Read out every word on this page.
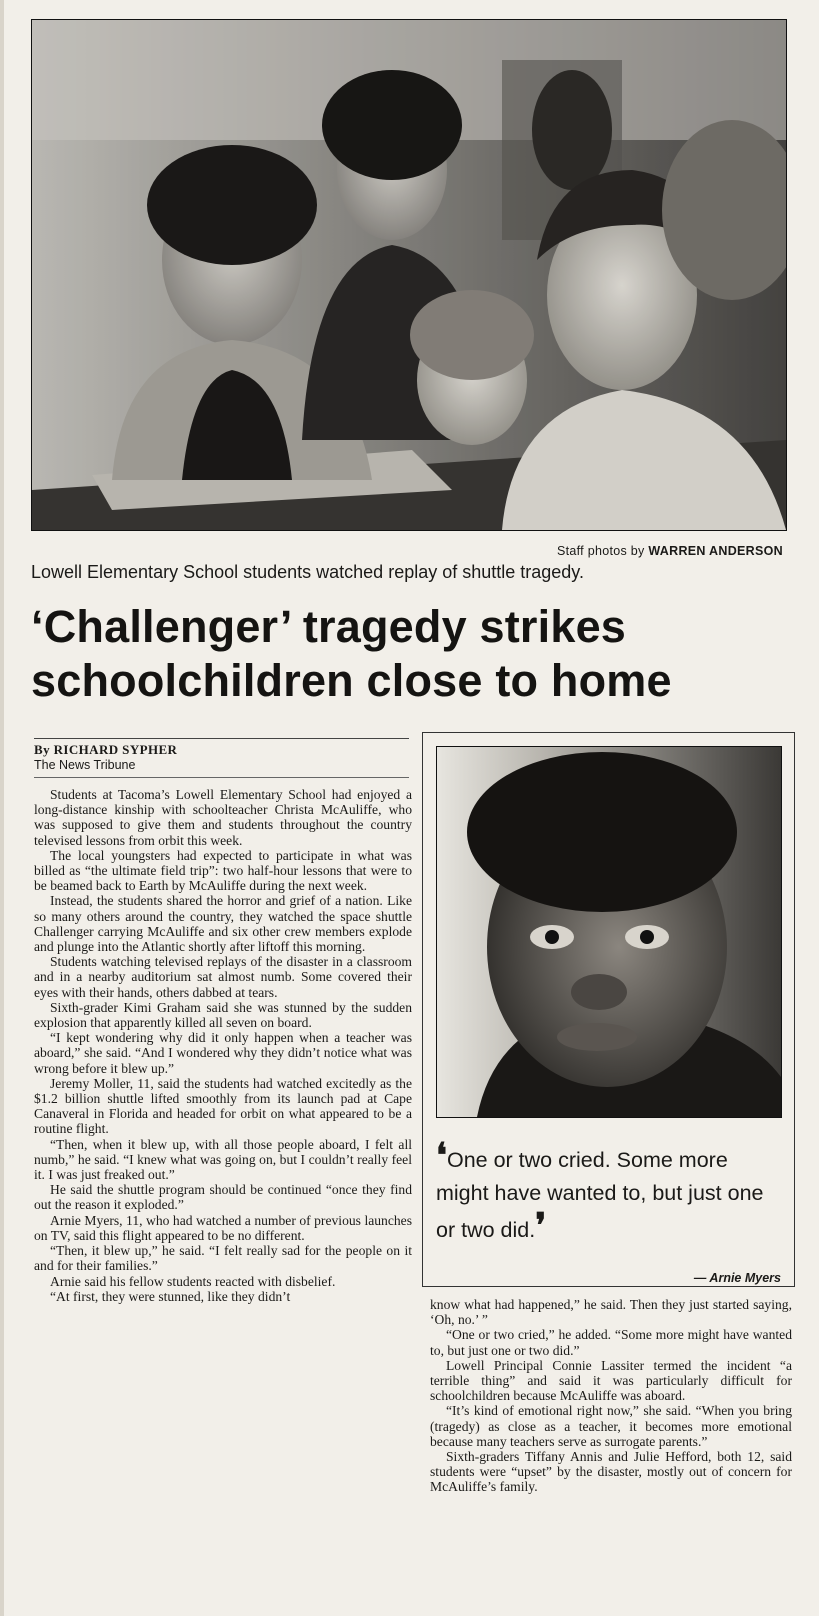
Staff photos by WARREN ANDERSON
Lowell Elementary School students watched replay of shuttle tragedy.
‘Challenger’ tragedy strikes
schoolchildren close to home
By RICHARD SYPHER
The News Tribune

Students at Tacoma’s Lowell Elementary School had enjoyed a long-distance kinship with schoolteacher Christa McAuliffe, who was supposed to give them and students throughout the country televised lessons from orbit this week.

The local youngsters had expected to participate in what was billed as “the ultimate field trip”: two half-hour lessons that were to be beamed back to Earth by McAuliffe during the next week.

Instead, the students shared the horror and grief of a nation. Like so many others around the country, they watched the space shuttle Challenger carrying McAuliffe and six other crew members explode and plunge into the Atlantic shortly after liftoff this morning.

Students watching televised replays of the disaster in a classroom and in a nearby auditorium sat almost numb. Some covered their eyes with their hands, others dabbed at tears.

Sixth-grader Kimi Graham said she was stunned by the sudden explosion that apparently killed all seven on board.

“I kept wondering why did it only happen when a teacher was aboard,” she said. “And I wondered why they didn’t notice what was wrong before it blew up.”

Jeremy Moller, 11, said the students had watched excitedly as the $1.2 billion shuttle lifted smoothly from its launch pad at Cape Canaveral in Florida and headed for orbit on what appeared to be a routine flight.

“Then, when it blew up, with all those people aboard, I felt all numb,” he said. “I knew what was going on, but I couldn’t really feel it. I was just freaked out.”

He said the shuttle program should be continued “once they find out the reason it exploded.”

Arnie Myers, 11, who had watched a number of previous launches on TV, said this flight appeared to be no different.

“Then, it blew up,” he said. “I felt really sad for the people on it and for their families.”

Arnie said his fellow students reacted with disbelief.

“At first, they were stunned, like they didn’t

❛One or two cried. Some more might have wanted to, but just one or two did.❜
— Arnie Myers

know what had happened,” he said. Then they just started saying, ‘Oh, no.’ ”

“One or two cried,” he added. “Some more might have wanted to, but just one or two did.”

Lowell Principal Connie Lassiter termed the incident “a terrible thing” and said it was particularly difficult for schoolchildren because McAuliffe was aboard.

“It’s kind of emotional right now,” she said. “When you bring (tragedy) as close as a teacher, it becomes more emotional because many teachers serve as surrogate parents.”

Sixth-graders Tiffany Annis and Julie Hefford, both 12, said students were “upset” by the disaster, mostly out of concern for McAuliffe’s family.
